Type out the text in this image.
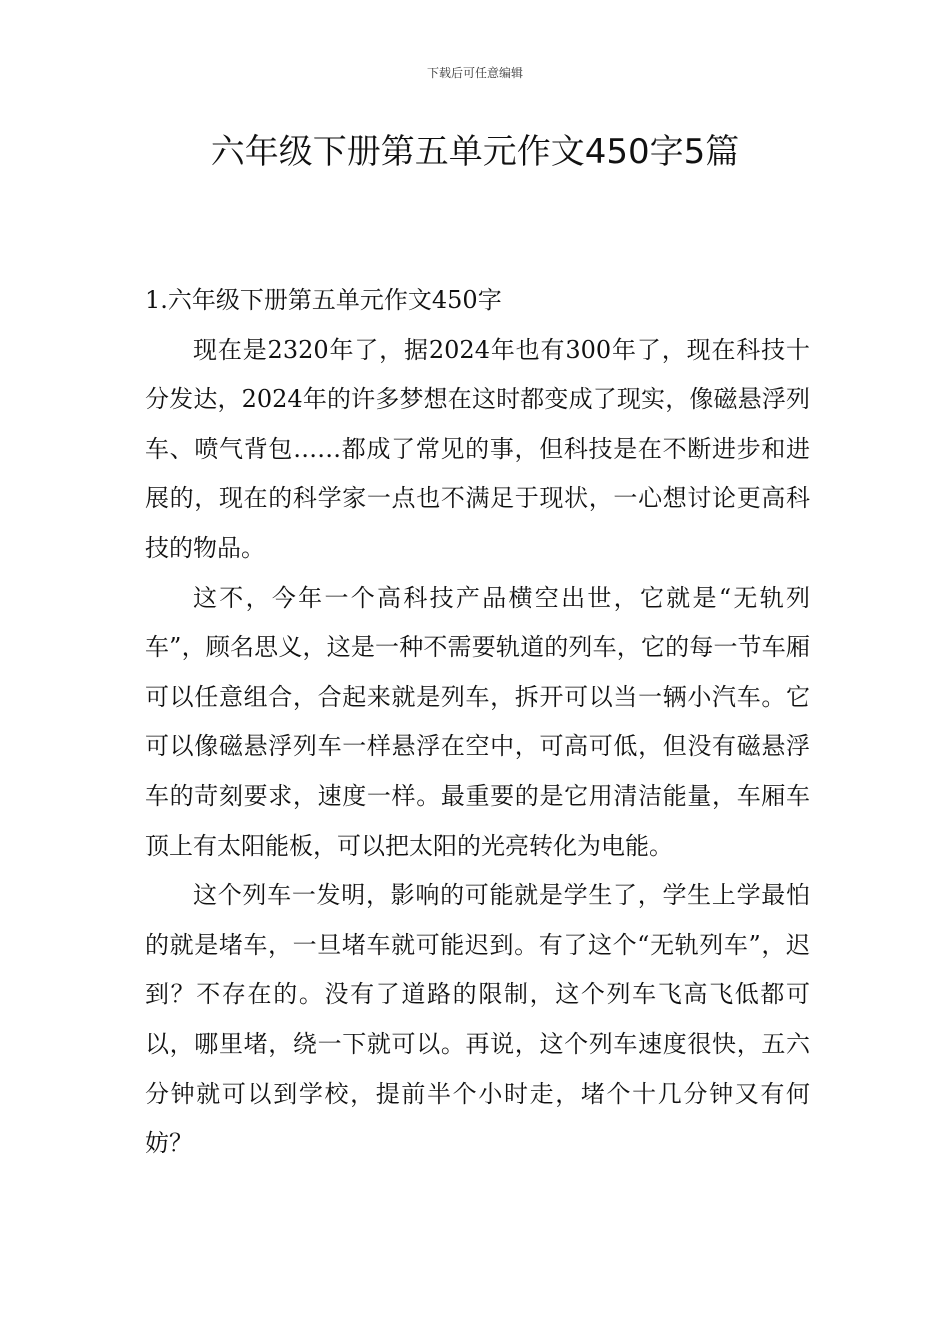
下载后可任意编辑
六年级下册第五单元作文450字5篇
1.六年级下册第五单元作文450字

现在是2320年了，据2024年也有300年了，现在科技十分发达，2024年的许多梦想在这时都变成了现实，像磁悬浮列车、喷气背包……都成了常见的事，但科技是在不断进步和进展的，现在的科学家一点也不满足于现状，一心想讨论更高科技的物品。

这不，今年一个高科技产品横空出世，它就是“无轨列车”，顾名思义，这是一种不需要轨道的列车，它的每一节车厢可以任意组合，合起来就是列车，拆开可以当一辆小汽车。它可以像磁悬浮列车一样悬浮在空中，可高可低，但没有磁悬浮车的苛刻要求，速度一样。最重要的是它用清洁能量，车厢车顶上有太阳能板，可以把太阳的光亮转化为电能。

这个列车一发明，影响的可能就是学生了，学生上学最怕的就是堵车，一旦堵车就可能迟到。有了这个“无轨列车”，迟到？不存在的。没有了道路的限制，这个列车飞高飞低都可以，哪里堵，绕一下就可以。再说，这个列车速度很快，五六分钟就可以到学校，提前半个小时走，堵个十几分钟又有何妨？
